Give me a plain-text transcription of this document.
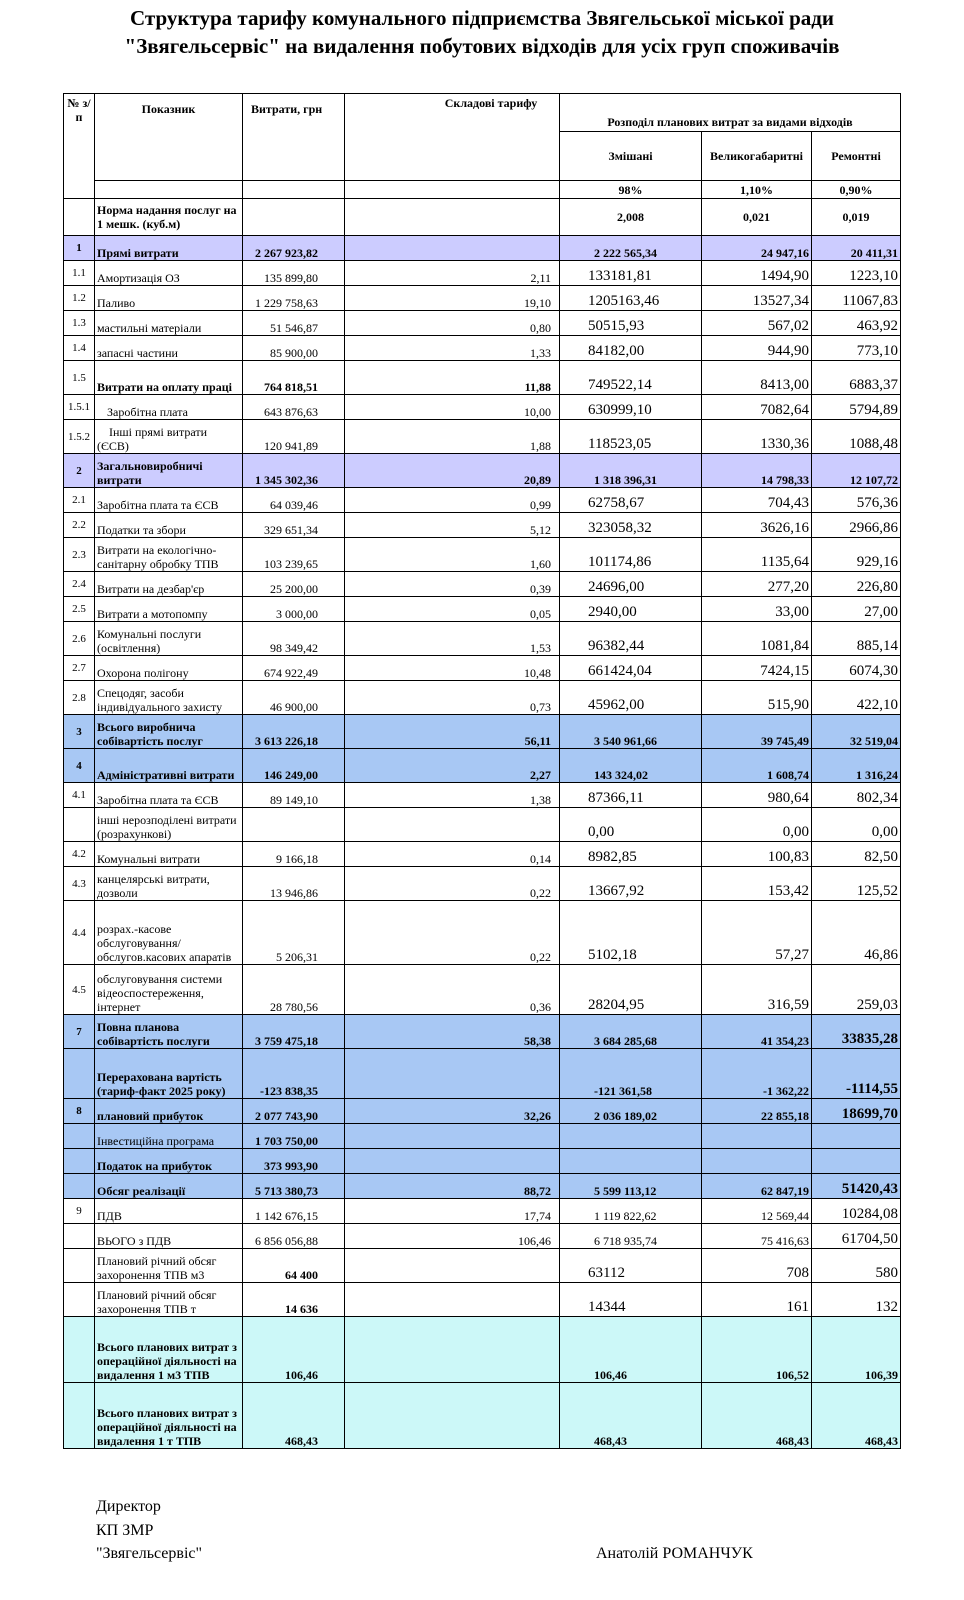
Структура тарифу комунального підприємства Звягельської міської ради
"Звягельсервіс" на видалення побутових відходів для усіх груп споживачів
№ з/п	Показник	Витрати, грн	Складові тарифу	Розподіл планових витрат за видами відходів		
				Змішані	Великогабаритні	Ремонтні
				98%	1,10%	0,90%
	Норма надання послуг на 1 мешк. (куб.м)			2,008	0,021	0,019
1	Прямі витрати	2 267 923,82		2 222 565,34	24 947,16	20 411,31
1.1	Амортизація ОЗ	135 899,80	2,11	133181,81	1494,90	1223,10
1.2	Паливо	1 229 758,63	19,10	1205163,46	13527,34	11067,83
1.3	мастильні матеріали	51 546,87	0,80	50515,93	567,02	463,92
1.4	запасні частини	85 900,00	1,33	84182,00	944,90	773,10
1.5	Витрати на оплату праці	764 818,51	11,88	749522,14	8413,00	6883,37
1.5.1	Заробітна плата	643 876,63	10,00	630999,10	7082,64	5794,89
1.5.2	Інші прямі витрати (ЄСВ)	120 941,89	1,88	118523,05	1330,36	1088,48
2	Загальновиробничі витрати	1 345 302,36	20,89	1 318 396,31	14 798,33	12 107,72
2.1	Заробітна плата та ЄСВ	64 039,46	0,99	62758,67	704,43	576,36
2.2	Податки та збори	329 651,34	5,12	323058,32	3626,16	2966,86
2.3	Витрати на екологічно-санітарну обробку ТПВ	103 239,65	1,60	101174,86	1135,64	929,16
2.4	Витрати на дезбар'єр	25 200,00	0,39	24696,00	277,20	226,80
2.5	Витрати а мотопомпу	3 000,00	0,05	2940,00	33,00	27,00
2.6	Комунальні послуги (освітлення)	98 349,42	1,53	96382,44	1081,84	885,14
2.7	Охорона полігону	674 922,49	10,48	661424,04	7424,15	6074,30
2.8	Спецодяг, засоби індивідуального захисту	46 900,00	0,73	45962,00	515,90	422,10
3	Всього виробнича собівартість послуг	3 613 226,18	56,11	3 540 961,66	39 745,49	32 519,04
4	Адміністративні витрати	146 249,00	2,27	143 324,02	1 608,74	1 316,24
4.1	Заробітна плата та ЄСВ	89 149,10	1,38	87366,11	980,64	802,34
	інші нерозподілені витрати (розрахункові)			0,00	0,00	0,00
4.2	Комунальні витрати	9 166,18	0,14	8982,85	100,83	82,50
4.3	канцелярські витрати, дозволи	13 946,86	0,22	13667,92	153,42	125,52
4.4	розрах.-касове обслуговування/ обслугов.касових апаратів	5 206,31	0,22	5102,18	57,27	46,86
4.5	обслуговування системи відеоспостереження, інтернет	28 780,56	0,36	28204,95	316,59	259,03
7	Повна планова собівартість послуги	3 759 475,18	58,38	3 684 285,68	41 354,23	33835,28
	Перерахована вартість (тариф-факт 2025 року)	-123 838,35		-121 361,58	-1 362,22	-1114,55
8	плановий прибуток	2 077 743,90	32,26	2 036 189,02	22 855,18	18699,70
	Інвестиційна програма	1 703 750,00				
	Податок на прибуток	373 993,90				
	Обсяг реалізації	5 713 380,73	88,72	5 599 113,12	62 847,19	51420,43
9	ПДВ	1 142 676,15	17,74	1 119 822,62	12 569,44	10284,08
	ВЬОГО з ПДВ	6 856 056,88	106,46	6 718 935,74	75 416,63	61704,50
	Плановий річний обсяг захоронення ТПВ м3	64 400		63112	708	580
	Плановий річний обсяг захоронення ТПВ т	14 636		14344	161	132
	Всього планових витрат з операційної діяльності на видалення 1 м3 ТПВ	106,46		106,46	106,52	106,39
	Всього планових витрат з операційної діяльності на видалення 1 т ТПВ	468,43		468,43	468,43	468,43
Директор
КП ЗМР
"Звягельсервіс"	Анатолій РОМАНЧУК
